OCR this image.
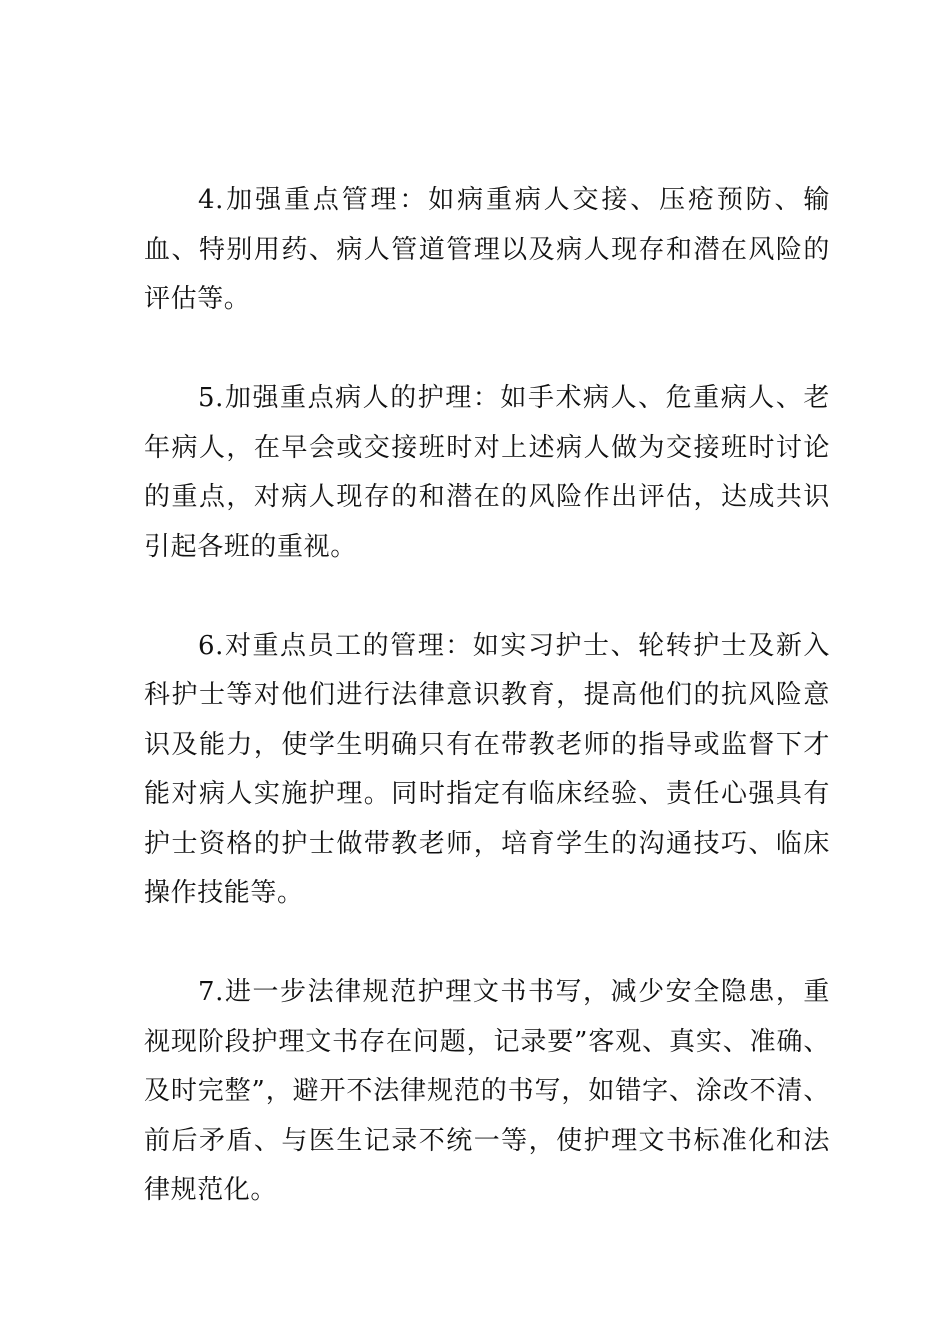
4.加强重点管理：如病重病人交接、压疮预防、输血、特别用药、病人管道管理以及病人现存和潜在风险的评估等。

5.加强重点病人的护理：如手术病人、危重病人、老年病人，在早会或交接班时对上述病人做为交接班时讨论的重点，对病人现存的和潜在的风险作出评估，达成共识引起各班的重视。

6.对重点员工的管理：如实习护士、轮转护士及新入科护士等对他们进行法律意识教育，提高他们的抗风险意识及能力，使学生明确只有在带教老师的指导或监督下才能对病人实施护理。同时指定有临床经验、责任心强具有护士资格的护士做带教老师，培育学生的沟通技巧、临床操作技能等。

7.进一步法律规范护理文书书写，减少安全隐患，重视现阶段护理文书存在问题，记录要”客观、真实、准确、及时完整”，避开不法律规范的书写，如错字、涂改不清、前后矛盾、与医生记录不统一等，使护理文书标准化和法律规范化。
